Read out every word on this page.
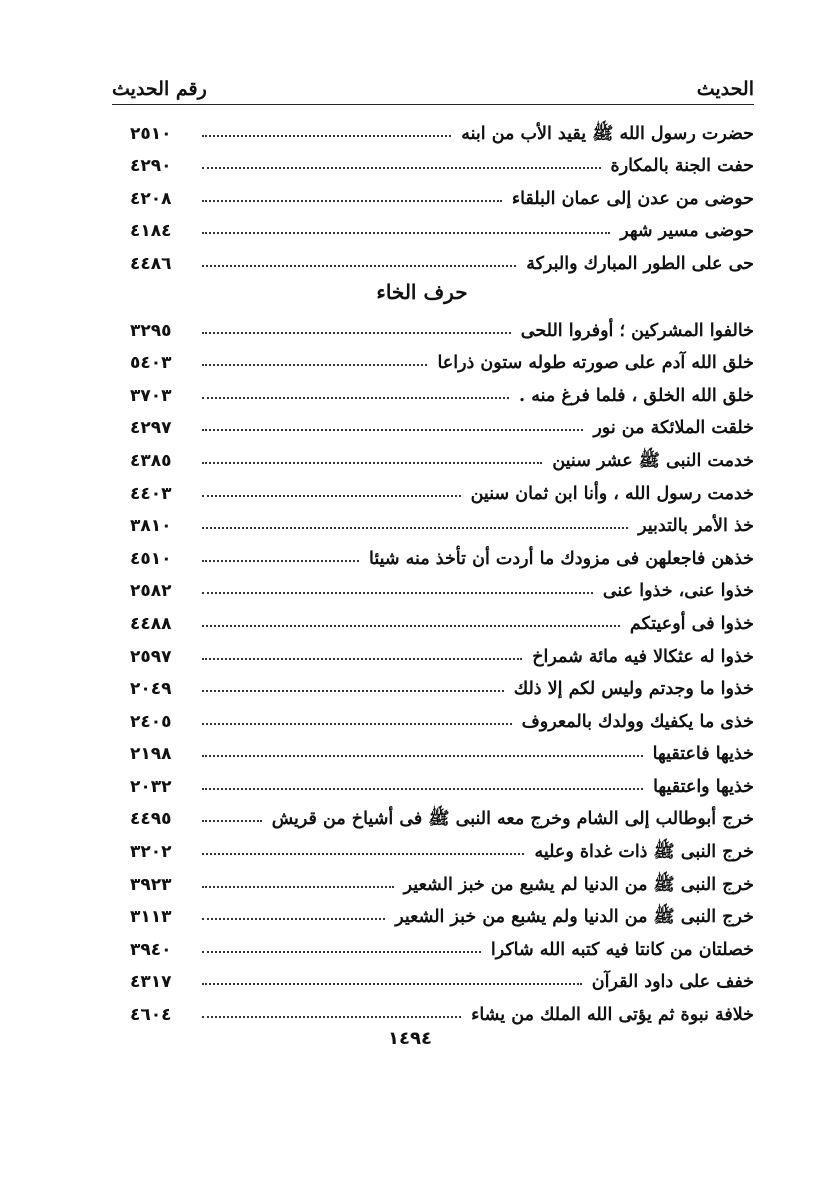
الحديث
رقم الحديث
حضرت رسول الله ﷺ يقيد الأب من ابنه
٢٥١٠
حفت الجنة بالمكارة
٤٢٩٠
حوضى من عدن إلى عمان البلقاء
٤٢٠٨
حوضى مسير شهر
٤١٨٤
حى على الطور المبارك والبركة
٤٤٨٦
حرف الخاء
خالفوا المشركين ؛ أوفروا اللحى
٣٢٩٥
خلق الله آدم على صورته طوله ستون ذراعا
٥٤٠٣
خلق الله الخلق ، فلما فرغ منه .
٣٧٠٣
خلقت الملائكة من نور
٤٢٩٧
خدمت النبى ﷺ عشر سنين
٤٣٨٥
خدمت رسول الله ، وأنا ابن ثمان سنين
٤٤٠٣
خذ الأمر بالتدبير
٣٨١٠
خذهن فاجعلهن فى مزودك ما أردت أن تأخذ منه شيئا
٤٥١٠
خذوا عنى، خذوا عنى
٢٥٨٢
خذوا فى أوعيتكم
٤٤٨٨
خذوا له عثكالا فيه مائة شمراخ
٢٥٩٧
خذوا ما وجدتم وليس لكم إلا ذلك
٢٠٤٩
خذى ما يكفيك وولدك بالمعروف
٢٤٠٥
خذيها فاعتقيها
٢١٩٨
خذيها واعتقيها
٢٠٣٢
خرج أبوطالب إلى الشام وخرج معه النبى ﷺ فى أشياخ من قريش
٤٤٩٥
خرج النبى ﷺ ذات غداة وعليه
٣٢٠٢
خرج النبى ﷺ من الدنيا لم يشبع من خبز الشعير
٣٩٢٣
خرج النبى ﷺ من الدنيا ولم يشبع من خبز الشعير
٣١١٣
خصلتان من كانتا فيه كتبه الله شاكرا
٣٩٤٠
خفف على داود القرآن
٤٣١٧
خلافة نبوة ثم يؤتى الله الملك من يشاء
٤٦٠٤
١٤٩٤
